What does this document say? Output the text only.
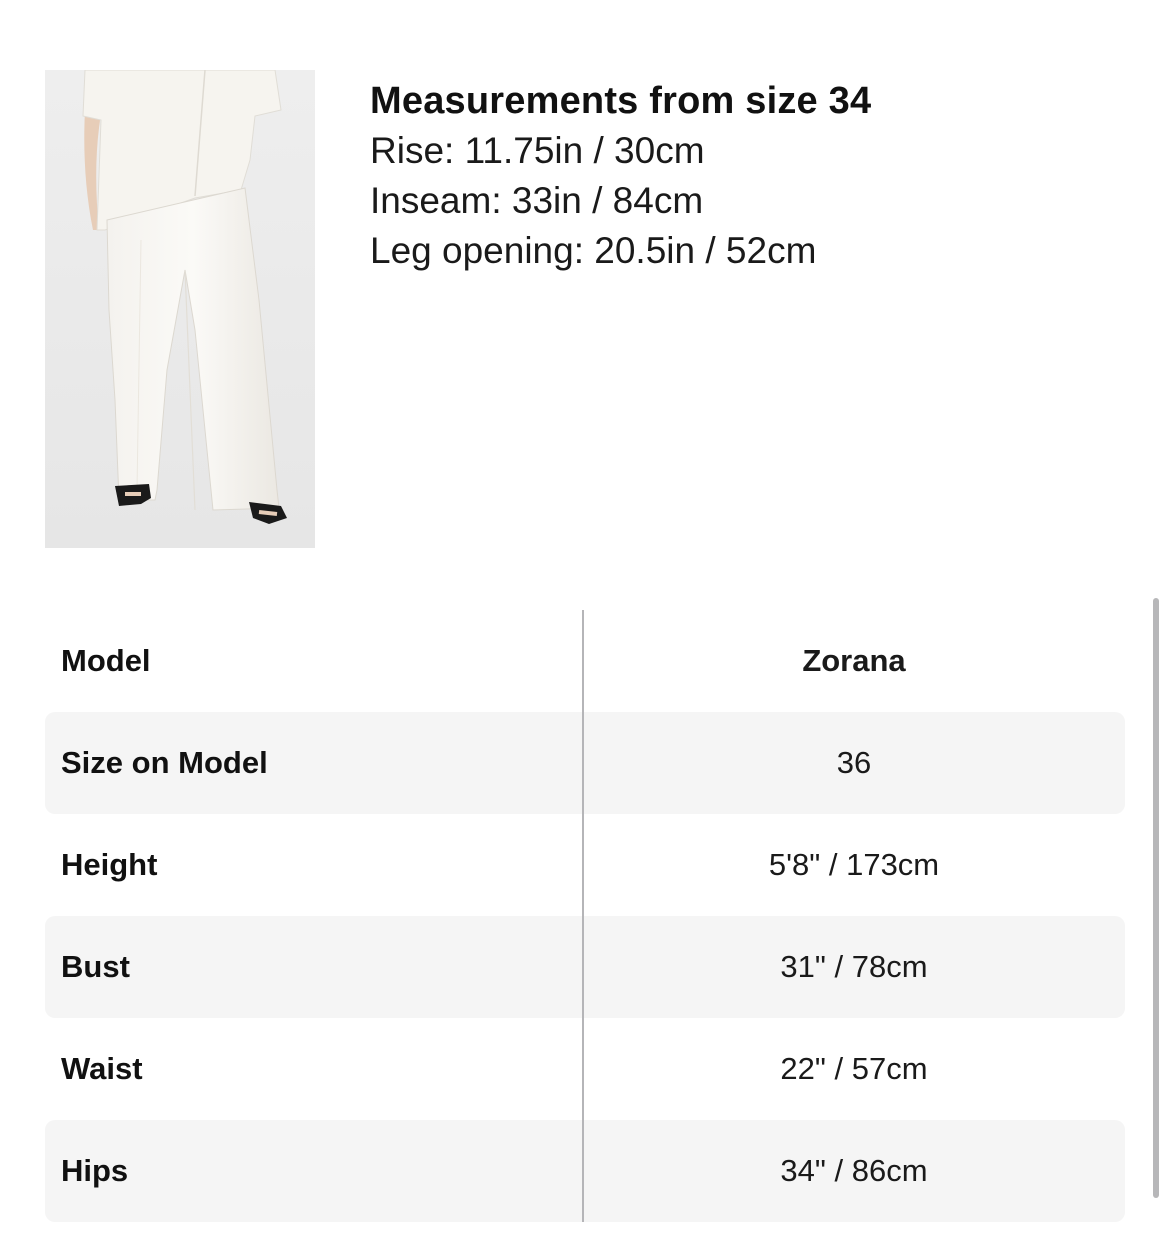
Measurements from size 34
Rise: 11.75in / 30cm
Inseam: 33in / 84cm
Leg opening: 20.5in / 52cm
Model	Zorana
Size on Model	36
Height	5'8" / 173cm
Bust	31" / 78cm
Waist	22" / 57cm
Hips	34" / 86cm
